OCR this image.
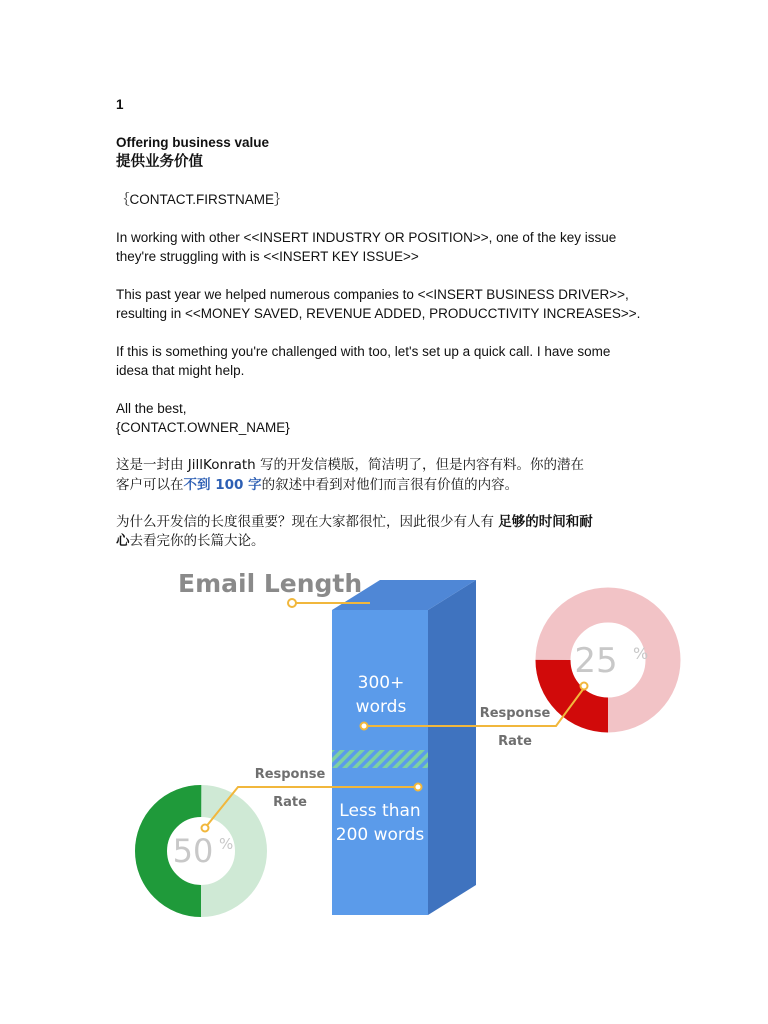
1
Offering business value
提供业务价值
｛CONTACT.FIRSTNAME｝
In working with other <<INSERT INDUSTRY OR POSITION>>, one of the key issue
they're struggling with is <<INSERT KEY ISSUE>>
This past year we helped numerous companies to <<INSERT BUSINESS DRIVER>>,
resulting in <<MONEY SAVED, REVENUE ADDED, PRODUCCTIVITY INCREASES>>.
If this is something you're challenged with too, let's set up a quick call. I have some
idesa that might help.
All the best,
{CONTACT.OWNER_NAME}
这是一封由 JillKonrath 写的开发信模版，简洁明了，但是内容有料。你的潜在
客户可以在不到 100 字的叙述中看到对他们而言很有价值的内容。
为什么开发信的长度很重要？现在大家都很忙，因此很少有人有 足够的时间和耐
心去看完你的长篇大论。
Email Length
300+
words
Less than
200 words
25 %
Response
Rate
50 %
Response
Rate
